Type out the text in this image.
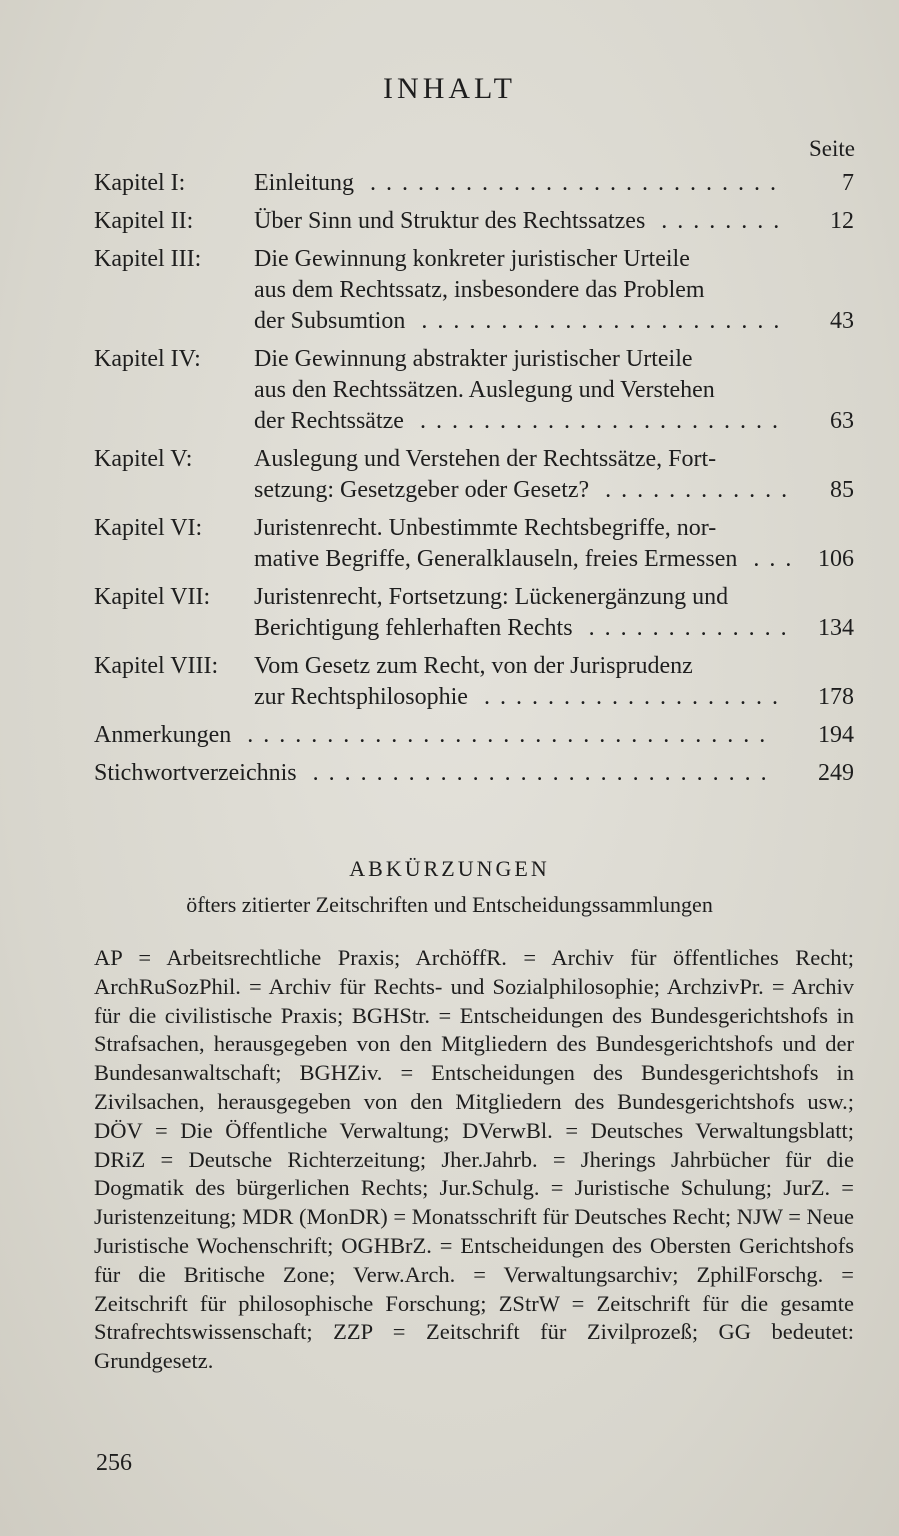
INHALT
Seite
Kapitel I:	Einleitung ..........................	7
Kapitel II:	Über Sinn und Struktur des Rechtssatzes ........	12
Kapitel III:	Die Gewinnung konkreter juristischer Urteile
aus dem Rechtssatz, insbesondere das Problem
der Subsumtion .......................	43
Kapitel IV:	Die Gewinnung abstrakter juristischer Urteile
aus den Rechtssätzen. Auslegung und Verstehen
der Rechtssätze .......................	63
Kapitel V:	Auslegung und Verstehen der Rechtssätze, Fort-
setzung: Gesetzgeber oder Gesetz? ............	85
Kapitel VI:	Juristenrecht. Unbestimmte Rechtsbegriffe, nor-
mative Begriffe, Generalklauseln, freies Ermessen ... 106
Kapitel VII:	Juristenrecht, Fortsetzung: Lückenergänzung und
Berichtigung fehlerhaften Rechts ............. 134
Kapitel VIII:	Vom Gesetz zum Recht, von der Jurisprudenz
zur Rechtsphilosophie ...................	178
Anmerkungen .................................	194
Stichwortverzeichnis .............................	249
ABKÜRZUNGEN
öfters zitierter Zeitschriften und Entscheidungssammlungen
AP = Arbeitsrechtliche Praxis; ArchöffR. = Archiv für öffentliches Recht; ArchRuSozPhil. = Archiv für Rechts- und Sozialphilosophie; ArchzivPr. = Archiv für die civilistische Praxis; BGHStr. = Entscheidungen des Bundesgerichtshofs in Strafsachen, herausgegeben von den Mitgliedern des Bundesgerichtshofs und der Bundesanwaltschaft; BGHZiv. = Entscheidungen des Bundesgerichtshofs in Zivilsachen, herausgegeben von den Mitgliedern des Bundesgerichtshofs usw.; DÖV = Die Öffentliche Verwaltung; DVerwBl. = Deutsches Verwaltungsblatt; DRiZ = Deutsche Richterzeitung; Jher.Jahrb. = Jherings Jahrbücher für die Dogmatik des bürgerlichen Rechts; Jur.Schulg. = Juristische Schulung; JurZ. = Juristenzeitung; MDR (MonDR) = Monatsschrift für Deutsches Recht; NJW = Neue Juristische Wochenschrift; OGHBrZ. = Entscheidungen des Obersten Gerichtshofs für die Britische Zone; Verw.Arch. = Verwaltungsarchiv; ZphilForschg. = Zeitschrift für philosophische Forschung; ZStrW = Zeitschrift für die gesamte Strafrechtswissenschaft; ZZP = Zeitschrift für Zivilprozeß; GG bedeutet: Grundgesetz.
256
